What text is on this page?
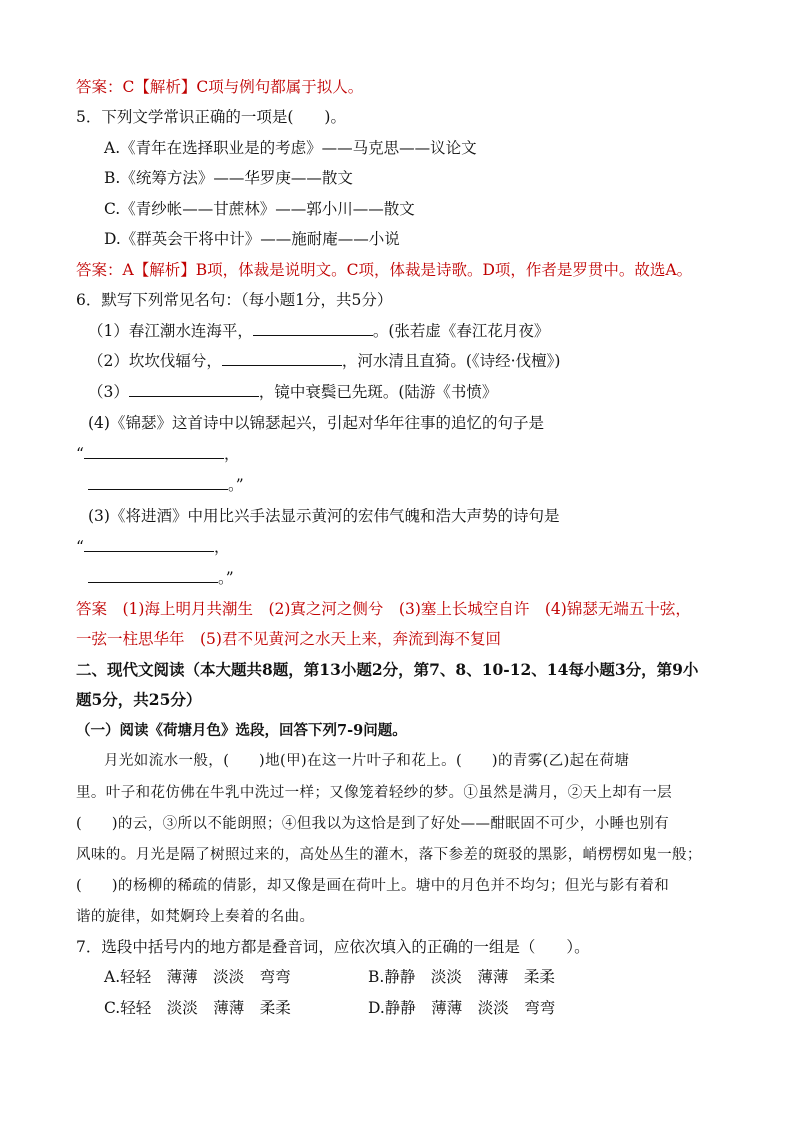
答案：C【解析】C项与例句都属于拟人。
5．下列文学常识正确的一项是(　　)。
A.《青年在选择职业是的考虑》——马克思——议论文
B.《统筹方法》——华罗庚——散文
C.《青纱帐——甘蔗林》——郭小川——散文
D.《群英会干将中计》——施耐庵——小说
答案：A【解析】B项，体裁是说明文。C项，体裁是诗歌。D项，作者是罗贯中。故选A。
6．默写下列常见名句：（每小题1分，共5分）
（1）春江潮水连海平，	。(张若虚《春江花月夜》
（2）坎坎伐辐兮，	，河水清且直猗。(《诗经·伐檀》)
（3）	，镜中衰鬓已先斑。(陆游《书愤》
(4)《锦瑟》这首诗中以锦瑟起兴，引起对华年往事的追忆的句子是
“	，
。”
(3)《将进酒》中用比兴手法显示黄河的宏伟气魄和浩大声势的诗句是
“	，
。”
答案　(1)海上明月共潮生　(2)寘之河之侧兮　(3)塞上长城空自许　(4)锦瑟无端五十弦，
一弦一柱思华年　(5)君不见黄河之水天上来，奔流到海不复回
二、现代文阅读（本大题共8题，第13小题2分，第7、8、10-12、14每小题3分，第9小
题5分，共25分）
（一）阅读《荷塘月色》选段，回答下列7-9问题。
月光如流水一般，(　　)地(甲)在这一片叶子和花上。(　　)的青雾(乙)起在荷塘
里。叶子和花仿佛在牛乳中洗过一样；又像笼着轻纱的梦。①虽然是满月，②天上却有一层
(　　)的云，③所以不能朗照；④但我以为这恰是到了好处——酣眠固不可少，小睡也别有
风味的。月光是隔了树照过来的，高处丛生的灌木，落下参差的斑驳的黑影，峭楞楞如鬼一般；
(　　)的杨柳的稀疏的倩影，却又像是画在荷叶上。塘中的月色并不均匀；但光与影有着和
谐的旋律，如梵婀玲上奏着的名曲。
7．选段中括号内的地方都是叠音词，应依次填入的正确的一组是（　　）。
A.轻轻　薄薄　淡淡　弯弯	B.静静　淡淡　薄薄　柔柔
C.轻轻　淡淡　薄薄　柔柔	D.静静　薄薄　淡淡　弯弯
